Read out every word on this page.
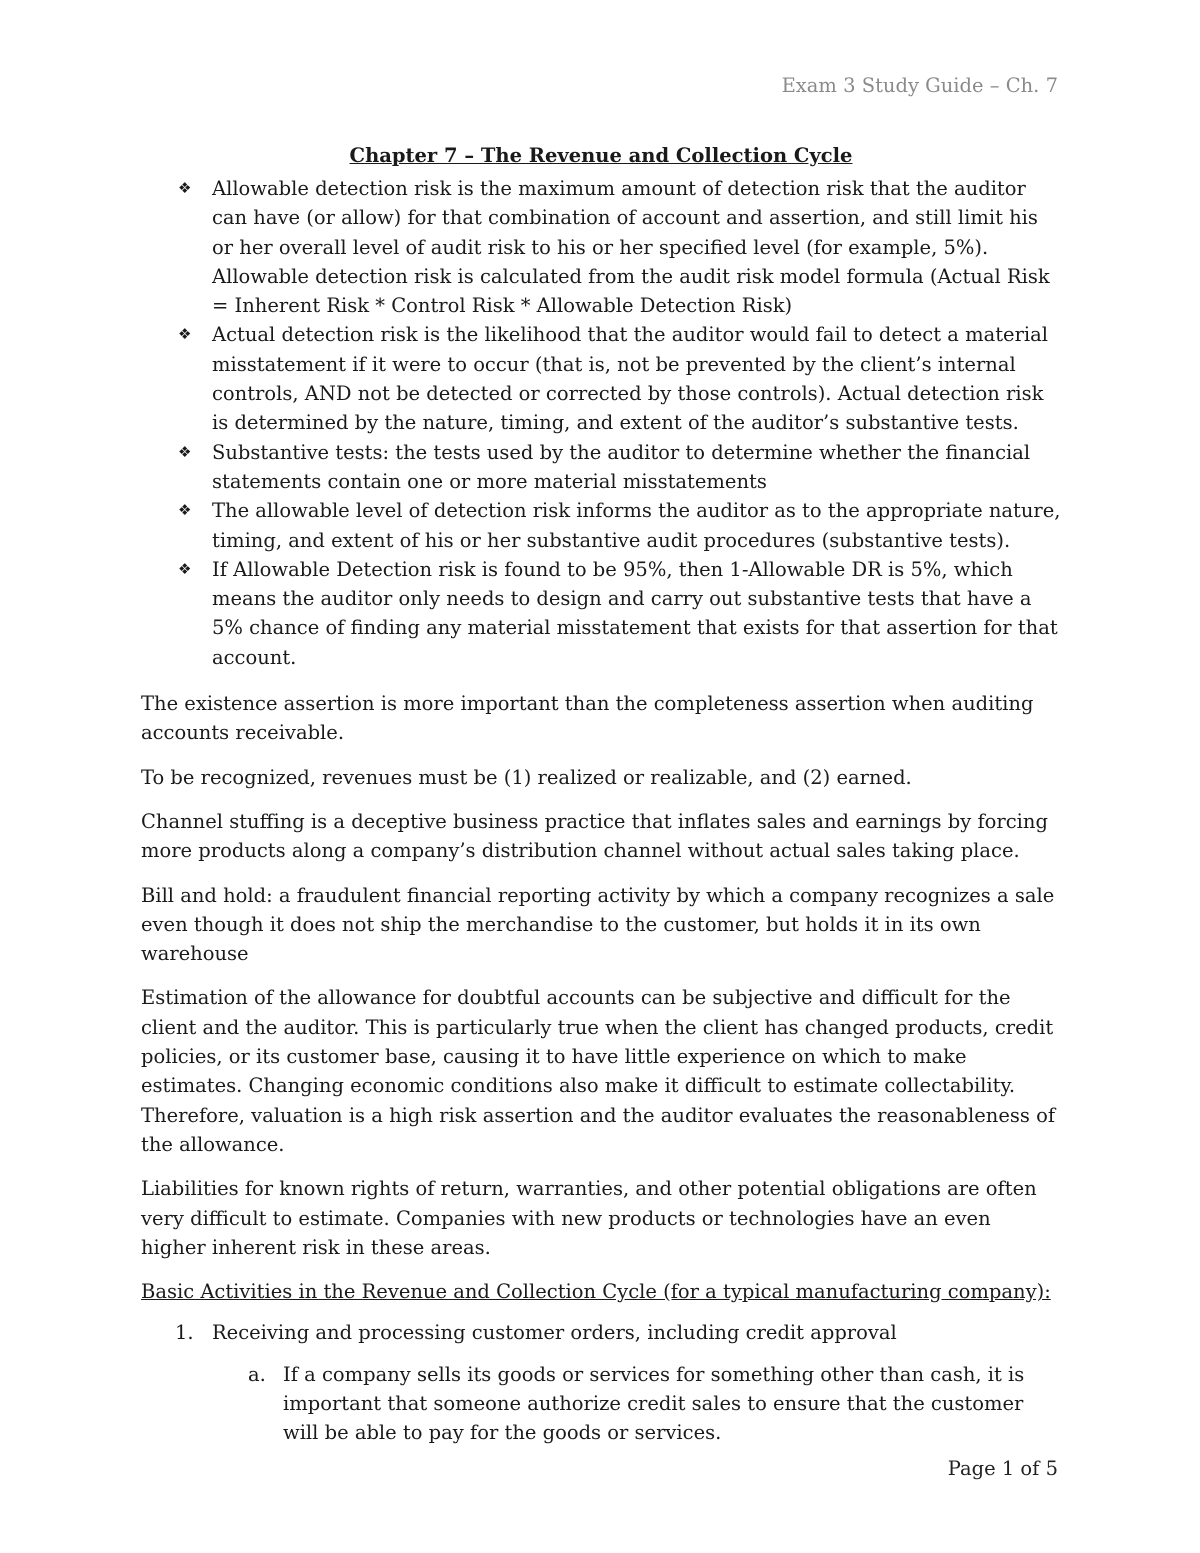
Exam 3 Study Guide – Ch. 7
Chapter 7 – The Revenue and Collection Cycle
❖ Allowable detection risk is the maximum amount of detection risk that the auditor can have (or allow) for that combination of account and assertion, and still limit his or her overall level of audit risk to his or her specified level (for example, 5%). Allowable detection risk is calculated from the audit risk model formula (Actual Risk = Inherent Risk * Control Risk * Allowable Detection Risk)
❖ Actual detection risk is the likelihood that the auditor would fail to detect a material misstatement if it were to occur (that is, not be prevented by the client’s internal controls, AND not be detected or corrected by those controls). Actual detection risk is determined by the nature, timing, and extent of the auditor’s substantive tests.
❖ Substantive tests: the tests used by the auditor to determine whether the financial statements contain one or more material misstatements
❖ The allowable level of detection risk informs the auditor as to the appropriate nature, timing, and extent of his or her substantive audit procedures (substantive tests).
❖ If Allowable Detection risk is found to be 95%, then 1-Allowable DR is 5%, which means the auditor only needs to design and carry out substantive tests that have a 5% chance of finding any material misstatement that exists for that assertion for that account.

The existence assertion is more important than the completeness assertion when auditing accounts receivable.

To be recognized, revenues must be (1) realized or realizable, and (2) earned.

Channel stuffing is a deceptive business practice that inflates sales and earnings by forcing more products along a company’s distribution channel without actual sales taking place.

Bill and hold: a fraudulent financial reporting activity by which a company recognizes a sale even though it does not ship the merchandise to the customer, but holds it in its own warehouse

Estimation of the allowance for doubtful accounts can be subjective and difficult for the client and the auditor. This is particularly true when the client has changed products, credit policies, or its customer base, causing it to have little experience on which to make estimates. Changing economic conditions also make it difficult to estimate collectability. Therefore, valuation is a high risk assertion and the auditor evaluates the reasonableness of the allowance.

Liabilities for known rights of return, warranties, and other potential obligations are often very difficult to estimate. Companies with new products or technologies have an even higher inherent risk in these areas.

Basic Activities in the Revenue and Collection Cycle (for a typical manufacturing company):
1. Receiving and processing customer orders, including credit approval
a. If a company sells its goods or services for something other than cash, it is important that someone authorize credit sales to ensure that the customer will be able to pay for the goods or services.
Page 1 of 5
